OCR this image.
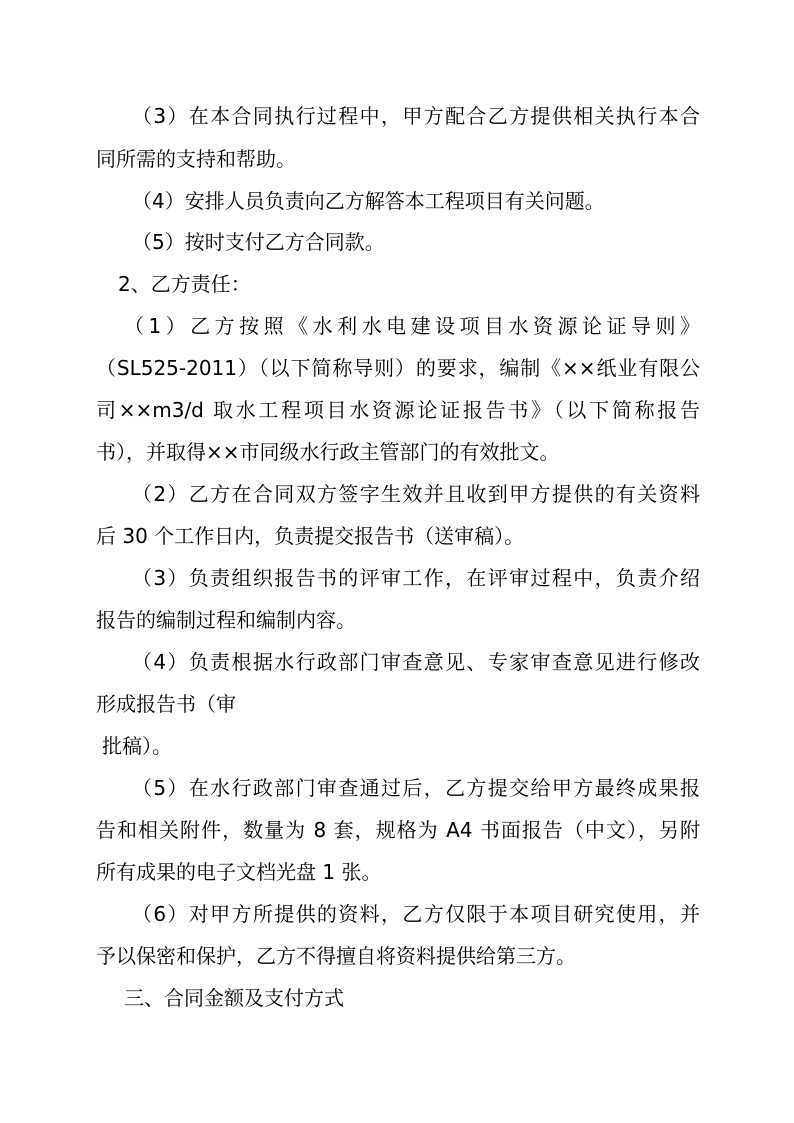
（3）在本合同执行过程中，甲方配合乙方提供相关执行本合
同所需的支持和帮助。
（4）安排人员负责向乙方解答本工程项目有关问题。
（5）按时支付乙方合同款。
2、乙方责任：
（1）乙方按照《水利水电建设项目水资源论证导则》
（SL525-2011）（以下简称导则）的要求，编制《××纸业有限公
司××m3/d 取水工程项目水资源论证报告书》（以下简称报告
书），并取得××市同级水行政主管部门的有效批文。
（2）乙方在合同双方签字生效并且收到甲方提供的有关资料
后 30 个工作日内，负责提交报告书（送审稿）。
（3）负责组织报告书的评审工作，在评审过程中，负责介绍
报告的编制过程和编制内容。
（4）负责根据水行政部门审查意见、专家审查意见进行修改
形成报告书（审
批稿）。
（5）在水行政部门审查通过后，乙方提交给甲方最终成果报
告和相关附件，数量为 8 套，规格为 A4 书面报告（中文），另附
所有成果的电子文档光盘 1 张。
（6）对甲方所提供的资料，乙方仅限于本项目研究使用，并
予以保密和保护，乙方不得擅自将资料提供给第三方。
三、合同金额及支付方式
